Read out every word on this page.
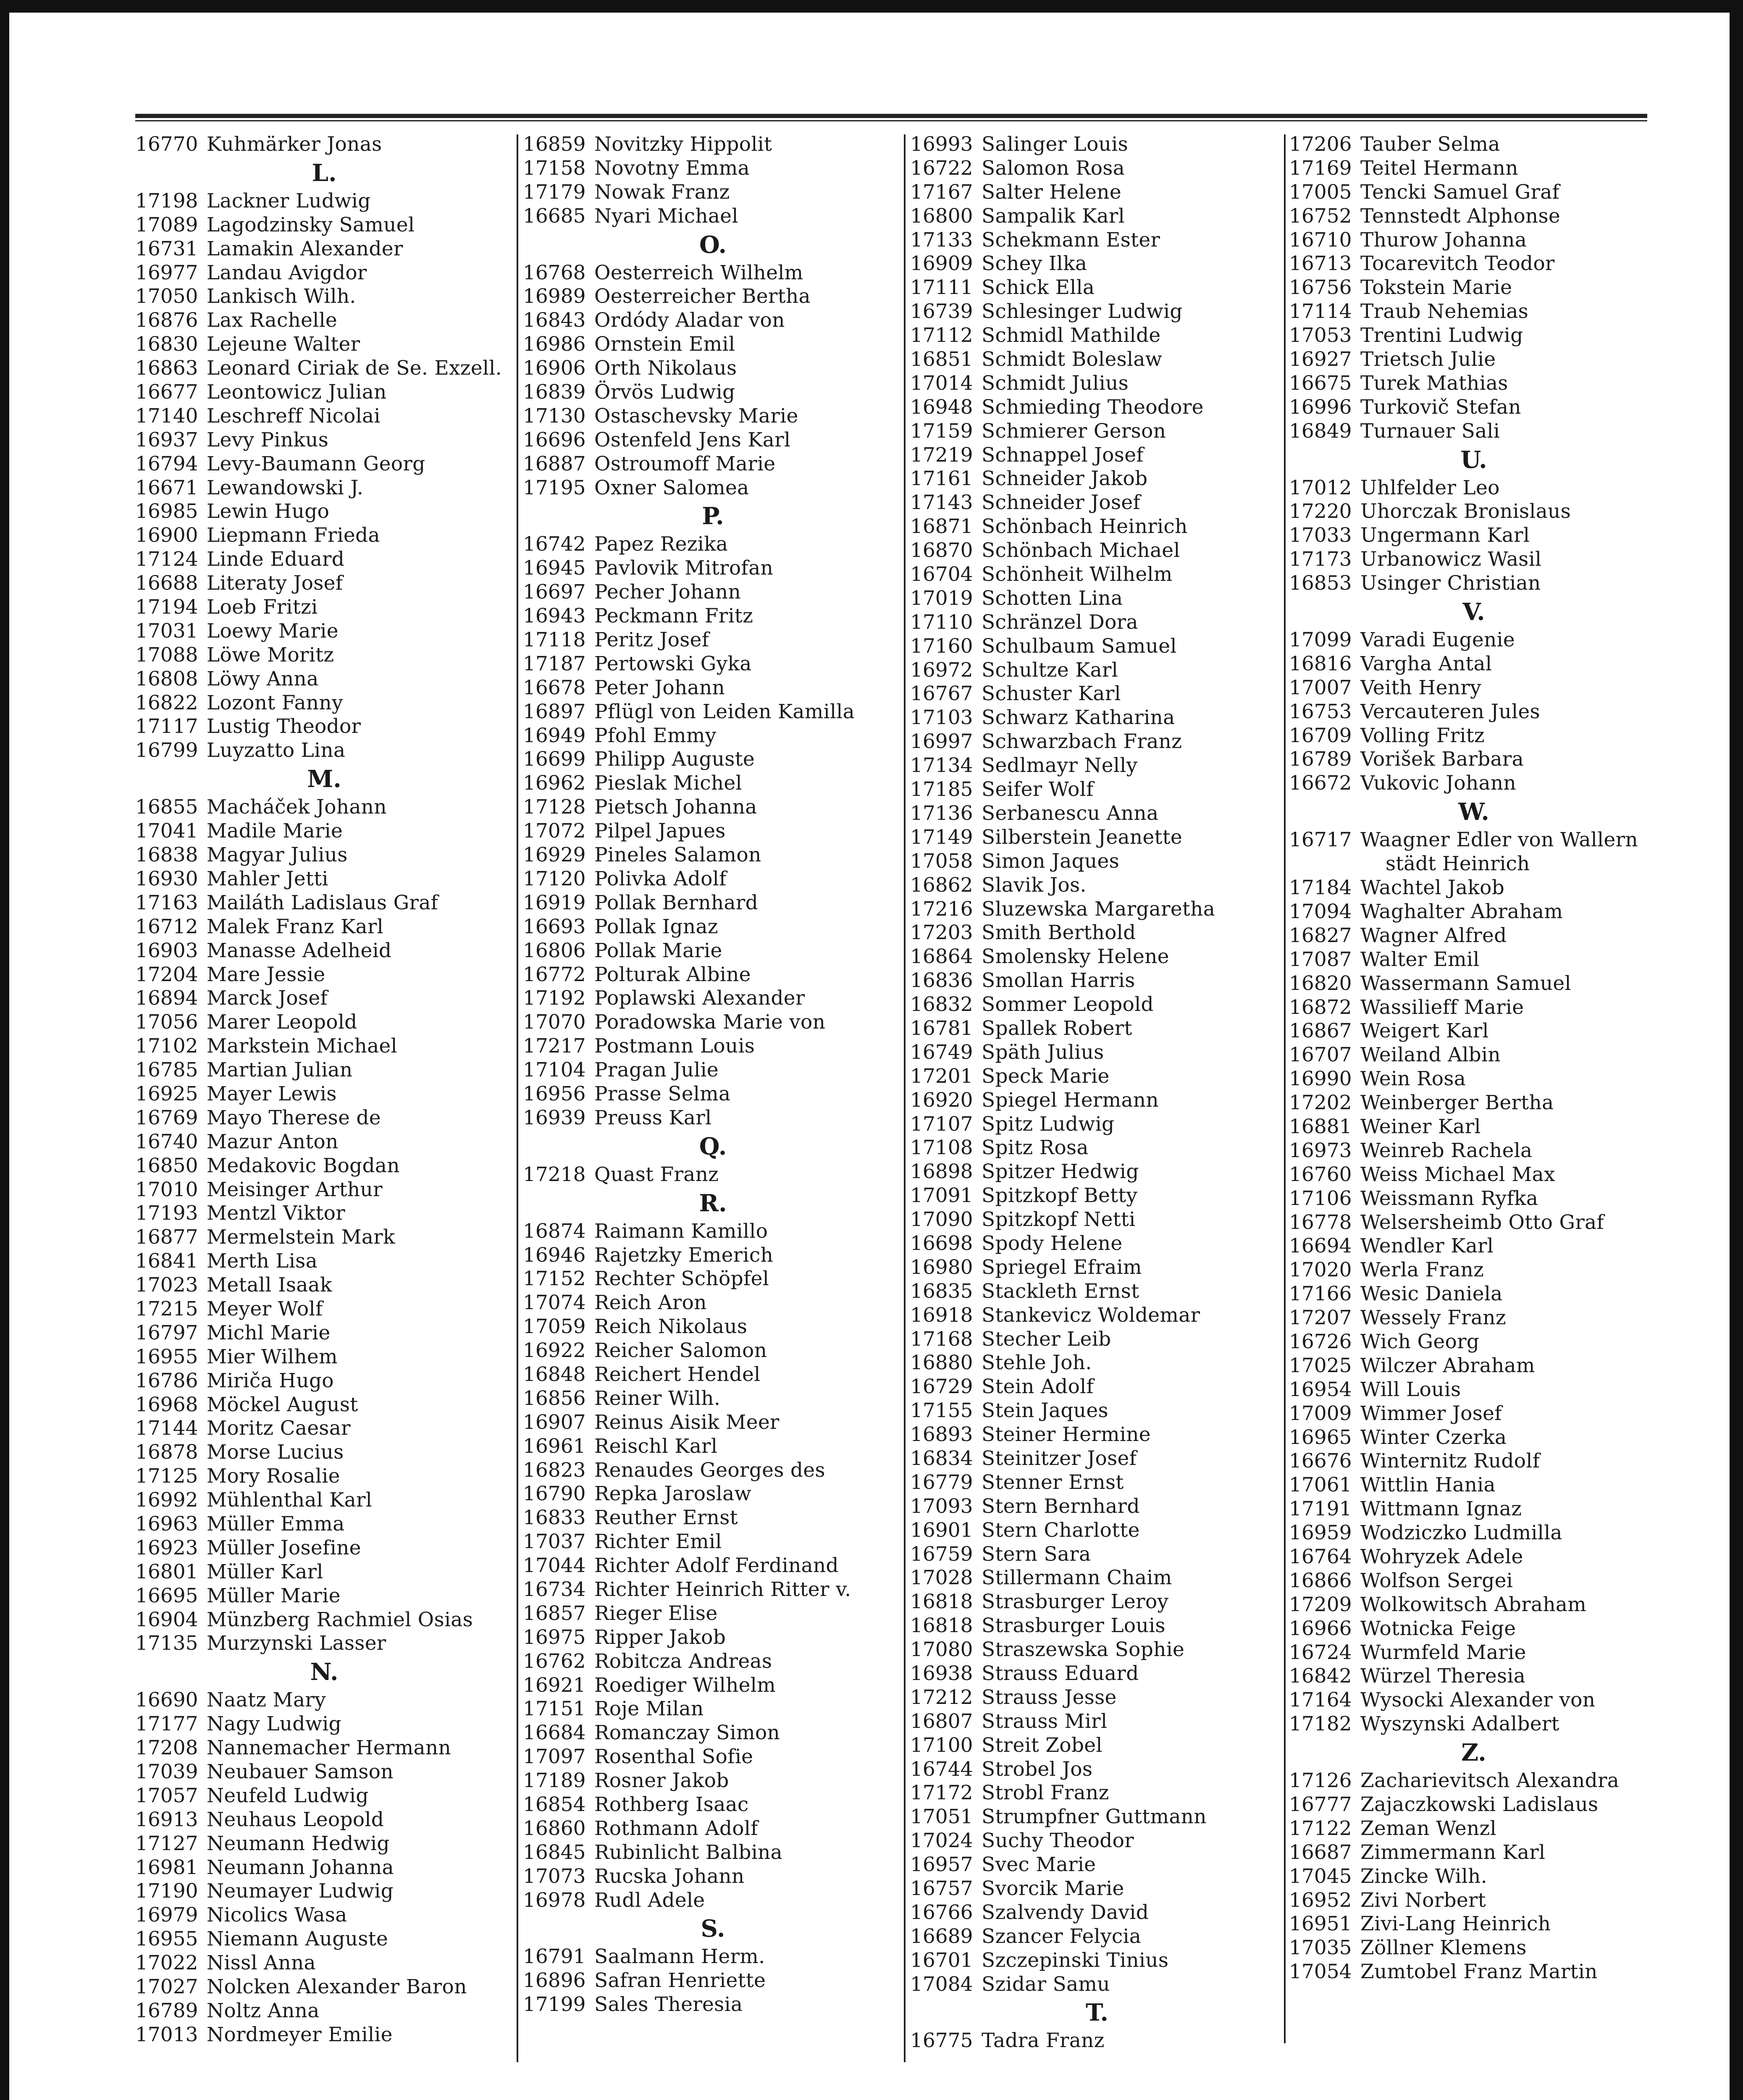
16770 Kuhmärker Jonas
L.
17198 Lackner Ludwig
17089 Lagodzinsky Samuel
16731 Lamakin Alexander
16977 Landau Avigdor
17050 Lankisch Wilh.
16876 Lax Rachelle
16830 Lejeune Walter
16863 Leonard Ciriak de Se. Exzell.
16677 Leontowicz Julian
17140 Leschreff Nicolai
16937 Levy Pinkus
16794 Levy-Baumann Georg
16671 Lewandowski J.
16985 Lewin Hugo
16900 Liepmann Frieda
17124 Linde Eduard
16688 Literaty Josef
17194 Loeb Fritzi
17031 Loewy Marie
17088 Löwe Moritz
16808 Löwy Anna
16822 Lozont Fanny
17117 Lustig Theodor
16799 Luyzatto Lina
M.
16855 Macháček Johann
17041 Madile Marie
16838 Magyar Julius
16930 Mahler Jetti
17163 Mailáth Ladislaus Graf
16712 Malek Franz Karl
16903 Manasse Adelheid
17204 Mare Jessie
16894 Marck Josef
17056 Marer Leopold
17102 Markstein Michael
16785 Martian Julian
16925 Mayer Lewis
16769 Mayo Therese de
16740 Mazur Anton
16850 Medakovic Bogdan
17010 Meisinger Arthur
17193 Mentzl Viktor
16877 Mermelstein Mark
16841 Merth Lisa
17023 Metall Isaak
17215 Meyer Wolf
16797 Michl Marie
16955 Mier Wilhem
16786 Miriča Hugo
16968 Möckel August
17144 Moritz Caesar
16878 Morse Lucius
17125 Mory Rosalie
16992 Mühlenthal Karl
16963 Müller Emma
16923 Müller Josefine
16801 Müller Karl
16695 Müller Marie
16904 Münzberg Rachmiel Osias
17135 Murzynski Lasser
N.
16690 Naatz Mary
17177 Nagy Ludwig
17208 Nannemacher Hermann
17039 Neubauer Samson
17057 Neufeld Ludwig
16913 Neuhaus Leopold
17127 Neumann Hedwig
16981 Neumann Johanna
17190 Neumayer Ludwig
16979 Nicolics Wasa
16955 Niemann Auguste
17022 Nissl Anna
17027 Nolcken Alexander Baron
16789 Noltz Anna
17013 Nordmeyer Emilie
16859 Novitzky Hippolit
17158 Novotny Emma
17179 Nowak Franz
16685 Nyari Michael
O.
16768 Oesterreich Wilhelm
16989 Oesterreicher Bertha
16843 Ordódy Aladar von
16986 Ornstein Emil
16906 Orth Nikolaus
16839 Örvös Ludwig
17130 Ostaschevsky Marie
16696 Ostenfeld Jens Karl
16887 Ostroumoff Marie
17195 Oxner Salomea
P.
16742 Papez Rezika
16945 Pavlovik Mitrofan
16697 Pecher Johann
16943 Peckmann Fritz
17118 Peritz Josef
17187 Pertowski Gyka
16678 Peter Johann
16897 Pflügl von Leiden Kamilla
16949 Pfohl Emmy
16699 Philipp Auguste
16962 Pieslak Michel
17128 Pietsch Johanna
17072 Pilpel Japues
16929 Pineles Salamon
17120 Polivka Adolf
16919 Pollak Bernhard
16693 Pollak Ignaz
16806 Pollak Marie
16772 Polturak Albine
17192 Poplawski Alexander
17070 Poradowska Marie von
17217 Postmann Louis
17104 Pragan Julie
16956 Prasse Selma
16939 Preuss Karl
Q.
17218 Quast Franz
R.
16874 Raimann Kamillo
16946 Rajetzky Emerich
17152 Rechter Schöpfel
17074 Reich Aron
17059 Reich Nikolaus
16922 Reicher Salomon
16848 Reichert Hendel
16856 Reiner Wilh.
16907 Reinus Aisik Meer
16961 Reischl Karl
16823 Renaudes Georges des
16790 Repka Jaroslaw
16833 Reuther Ernst
17037 Richter Emil
17044 Richter Adolf Ferdinand
16734 Richter Heinrich Ritter v.
16857 Rieger Elise
16975 Ripper Jakob
16762 Robitcza Andreas
16921 Roediger Wilhelm
17151 Roje Milan
16684 Romanczay Simon
17097 Rosenthal Sofie
17189 Rosner Jakob
16854 Rothberg Isaac
16860 Rothmann Adolf
16845 Rubinlicht Balbina
17073 Rucska Johann
16978 Rudl Adele
S.
16791 Saalmann Herm.
16896 Safran Henriette
17199 Sales Theresia
16993 Salinger Louis
16722 Salomon Rosa
17167 Salter Helene
16800 Sampalik Karl
17133 Schekmann Ester
16909 Schey Ilka
17111 Schick Ella
16739 Schlesinger Ludwig
17112 Schmidl Mathilde
16851 Schmidt Boleslaw
17014 Schmidt Julius
16948 Schmieding Theodore
17159 Schmierer Gerson
17219 Schnappel Josef
17161 Schneider Jakob
17143 Schneider Josef
16871 Schönbach Heinrich
16870 Schönbach Michael
16704 Schönheit Wilhelm
17019 Schotten Lina
17110 Schränzel Dora
17160 Schulbaum Samuel
16972 Schultze Karl
16767 Schuster Karl
17103 Schwarz Katharina
16997 Schwarzbach Franz
17134 Sedlmayr Nelly
17185 Seifer Wolf
17136 Serbanescu Anna
17149 Silberstein Jeanette
17058 Simon Jaques
16862 Slavik Jos.
17216 Sluzewska Margaretha
17203 Smith Berthold
16864 Smolensky Helene
16836 Smollan Harris
16832 Sommer Leopold
16781 Spallek Robert
16749 Späth Julius
17201 Speck Marie
16920 Spiegel Hermann
17107 Spitz Ludwig
17108 Spitz Rosa
16898 Spitzer Hedwig
17091 Spitzkopf Betty
17090 Spitzkopf Netti
16698 Spody Helene
16980 Spriegel Efraim
16835 Stackleth Ernst
16918 Stankevicz Woldemar
17168 Stecher Leib
16880 Stehle Joh.
16729 Stein Adolf
17155 Stein Jaques
16893 Steiner Hermine
16834 Steinitzer Josef
16779 Stenner Ernst
17093 Stern Bernhard
16901 Stern Charlotte
16759 Stern Sara
17028 Stillermann Chaim
16818 Strasburger Leroy
16818 Strasburger Louis
17080 Straszewska Sophie
16938 Strauss Eduard
17212 Strauss Jesse
16807 Strauss Mirl
17100 Streit Zobel
16744 Strobel Jos
17172 Strobl Franz
17051 Strumpfner Guttmann
17024 Suchy Theodor
16957 Svec Marie
16757 Svorcik Marie
16766 Szalvendy David
16689 Szancer Felycia
16701 Szczepinski Tinius
17084 Szidar Samu
T.
16775 Tadra Franz
17206 Tauber Selma
17169 Teitel Hermann
17005 Tencki Samuel Graf
16752 Tennstedt Alphonse
16710 Thurow Johanna
16713 Tocarevitch Teodor
16756 Tokstein Marie
17114 Traub Nehemias
17053 Trentini Ludwig
16927 Trietsch Julie
16675 Turek Mathias
16996 Turkovič Stefan
16849 Turnauer Sali
U.
17012 Uhlfelder Leo
17220 Uhorczak Bronislaus
17033 Ungermann Karl
17173 Urbanowicz Wasil
16853 Usinger Christian
V.
17099 Varadi Eugenie
16816 Vargha Antal
17007 Veith Henry
16753 Vercauteren Jules
16709 Volling Fritz
16789 Vorišek Barbara
16672 Vukovic Johann
W.
16717 Waagner Edler von Wallern
städt Heinrich
17184 Wachtel Jakob
17094 Waghalter Abraham
16827 Wagner Alfred
17087 Walter Emil
16820 Wassermann Samuel
16872 Wassilieff Marie
16867 Weigert Karl
16707 Weiland Albin
16990 Wein Rosa
17202 Weinberger Bertha
16881 Weiner Karl
16973 Weinreb Rachela
16760 Weiss Michael Max
17106 Weissmann Ryfka
16778 Welsersheimb Otto Graf
16694 Wendler Karl
17020 Werla Franz
17166 Wesic Daniela
17207 Wessely Franz
16726 Wich Georg
17025 Wilczer Abraham
16954 Will Louis
17009 Wimmer Josef
16965 Winter Czerka
16676 Winternitz Rudolf
17061 Wittlin Hania
17191 Wittmann Ignaz
16959 Wodziczko Ludmilla
16764 Wohryzek Adele
16866 Wolfson Sergei
17209 Wolkowitsch Abraham
16966 Wotnicka Feige
16724 Wurmfeld Marie
16842 Würzel Theresia
17164 Wysocki Alexander von
17182 Wyszynski Adalbert
Z.
17126 Zacharievitsch Alexandra
16777 Zajaczkowski Ladislaus
17122 Zeman Wenzl
16687 Zimmermann Karl
17045 Zincke Wilh.
16952 Zivi Norbert
16951 Zivi-Lang Heinrich
17035 Zöllner Klemens
17054 Zumtobel Franz Martin
